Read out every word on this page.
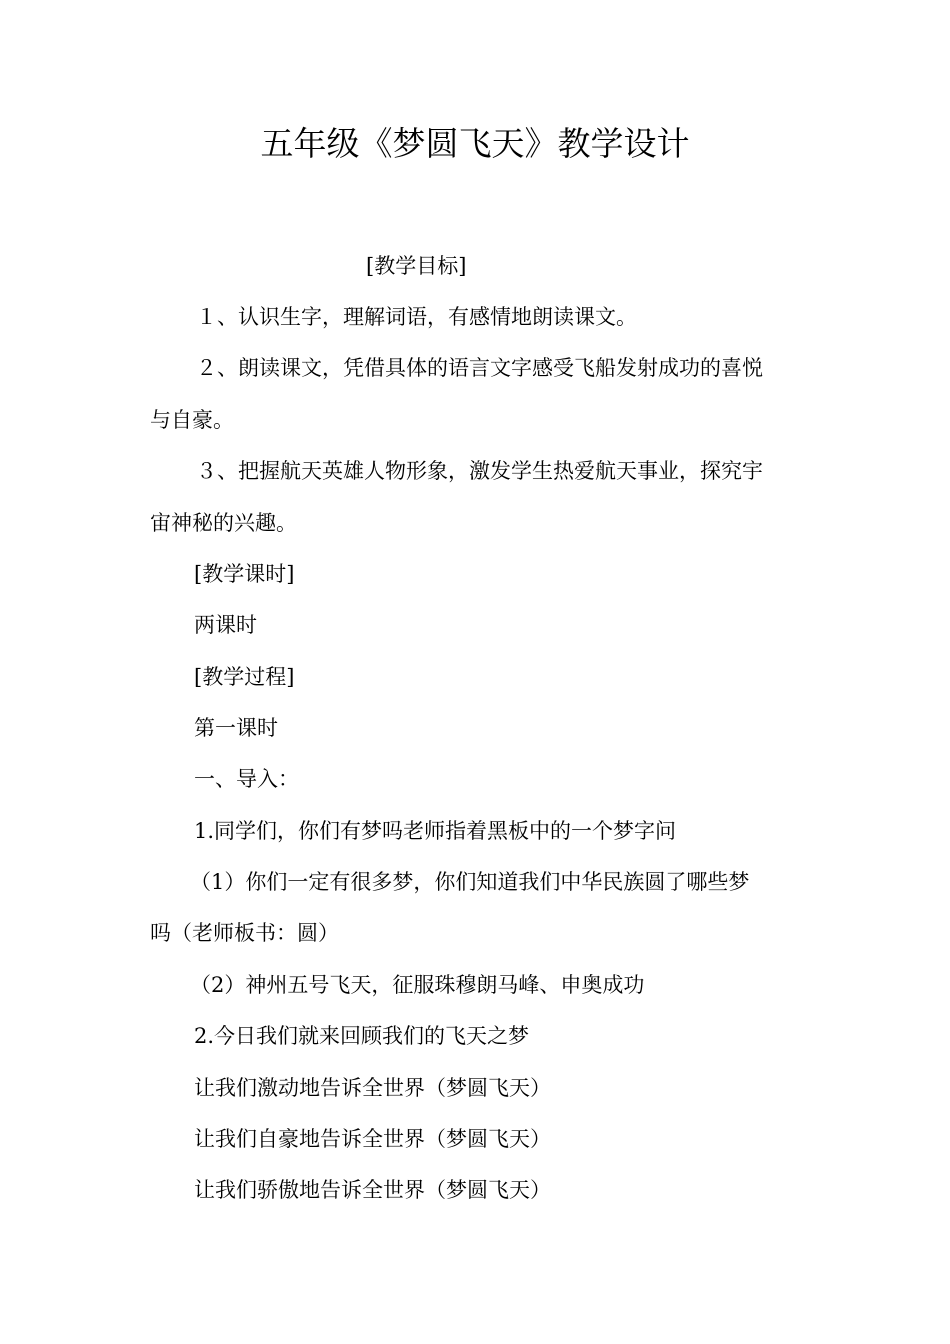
五年级《梦圆飞天》教学设计
[教学目标]
１、认识生字，理解词语，有感情地朗读课文。
２、朗读课文，凭借具体的语言文字感受飞船发射成功的喜悦
与自豪。
３、把握航天英雄人物形象，激发学生热爱航天事业，探究宇
宙神秘的兴趣。
[教学课时]
两课时
[教学过程]
第一课时
一、导入：
1.同学们，你们有梦吗老师指着黑板中的一个梦字问
（1）你们一定有很多梦，你们知道我们中华民族圆了哪些梦
吗（老师板书：圆）
（2）神州五号飞天，征服珠穆朗马峰、申奥成功
2.今日我们就来回顾我们的飞天之梦
让我们激动地告诉全世界（梦圆飞天）
让我们自豪地告诉全世界（梦圆飞天）
让我们骄傲地告诉全世界（梦圆飞天）
